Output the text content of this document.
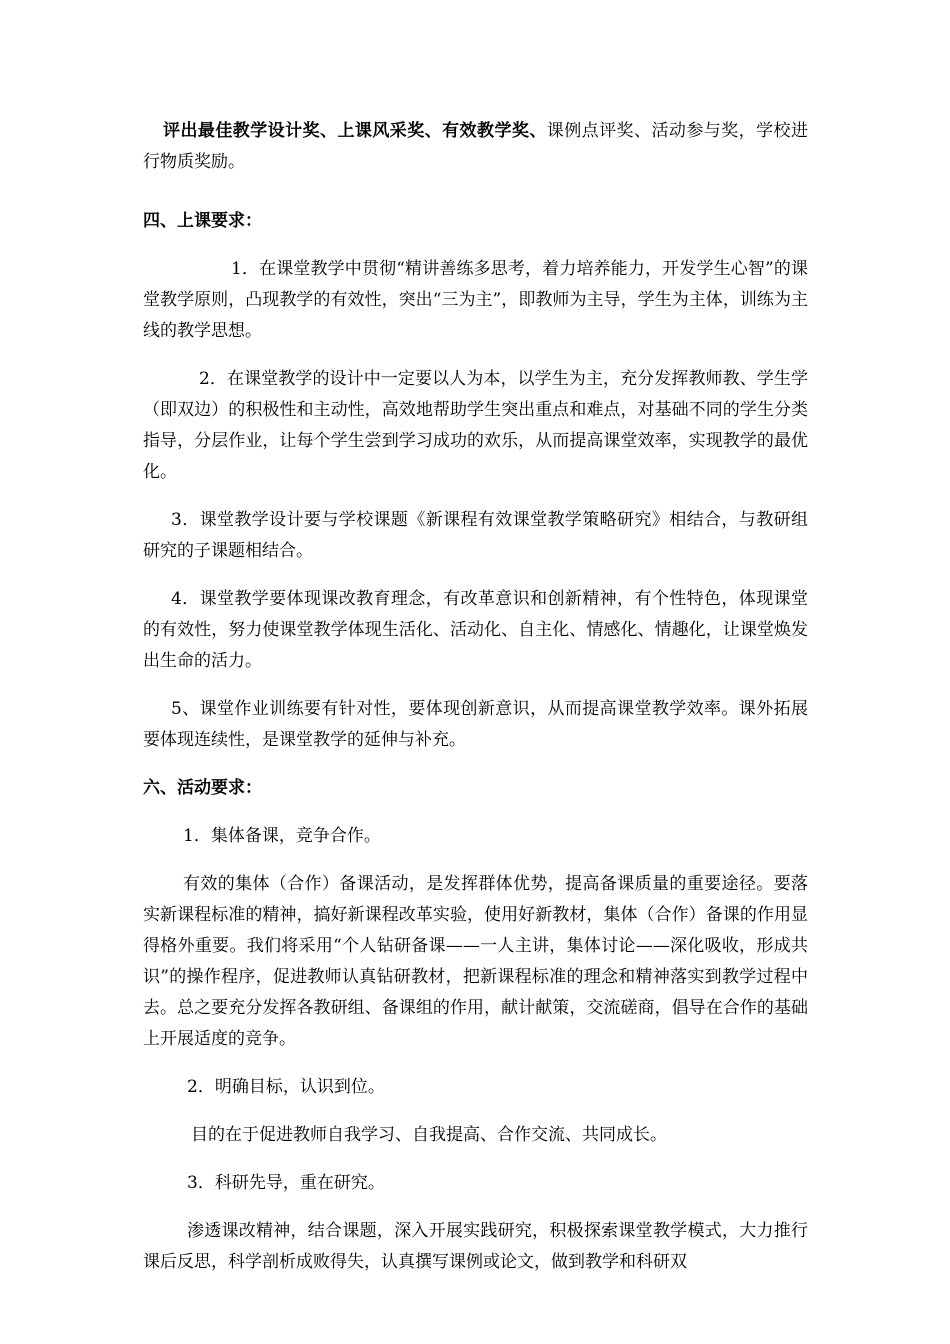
评出最佳教学设计奖、上课风采奖、有效教学奖、课例点评奖、活动参与奖，学校进行物质奖励。

四、上课要求：

1．在课堂教学中贯彻“精讲善练多思考，着力培养能力，开发学生心智”的课堂教学原则，凸现教学的有效性，突出“三为主”，即教师为主导，学生为主体，训练为主线的教学思想。

2．在课堂教学的设计中一定要以人为本，以学生为主，充分发挥教师教、学生学（即双边）的积极性和主动性，高效地帮助学生突出重点和难点，对基础不同的学生分类指导，分层作业，让每个学生尝到学习成功的欢乐，从而提高课堂效率，实现教学的最优化。

3．课堂教学设计要与学校课题《新课程有效课堂教学策略研究》相结合，与教研组研究的子课题相结合。

4．课堂教学要体现课改教育理念，有改革意识和创新精神，有个性特色，体现课堂的有效性，努力使课堂教学体现生活化、活动化、自主化、情感化、情趣化，让课堂焕发出生命的活力。

5、课堂作业训练要有针对性，要体现创新意识，从而提高课堂教学效率。课外拓展要体现连续性，是课堂教学的延伸与补充。

六、活动要求：

1．集体备课，竞争合作。

有效的集体（合作）备课活动，是发挥群体优势，提高备课质量的重要途径。要落实新课程标准的精神，搞好新课程改革实验，使用好新教材，集体（合作）备课的作用显得格外重要。我们将采用“个人钻研备课——一人主讲，集体讨论——深化吸收，形成共识”的操作程序，促进教师认真钻研教材，把新课程标准的理念和精神落实到教学过程中去。总之要充分发挥各教研组、备课组的作用，献计献策，交流磋商，倡导在合作的基础上开展适度的竞争。

2．明确目标，认识到位。

目的在于促进教师自我学习、自我提高、合作交流、共同成长。

3．科研先导，重在研究。

渗透课改精神，结合课题，深入开展实践研究，积极探索课堂教学模式，大力推行课后反思，科学剖析成败得失，认真撰写课例或论文，做到教学和科研双
